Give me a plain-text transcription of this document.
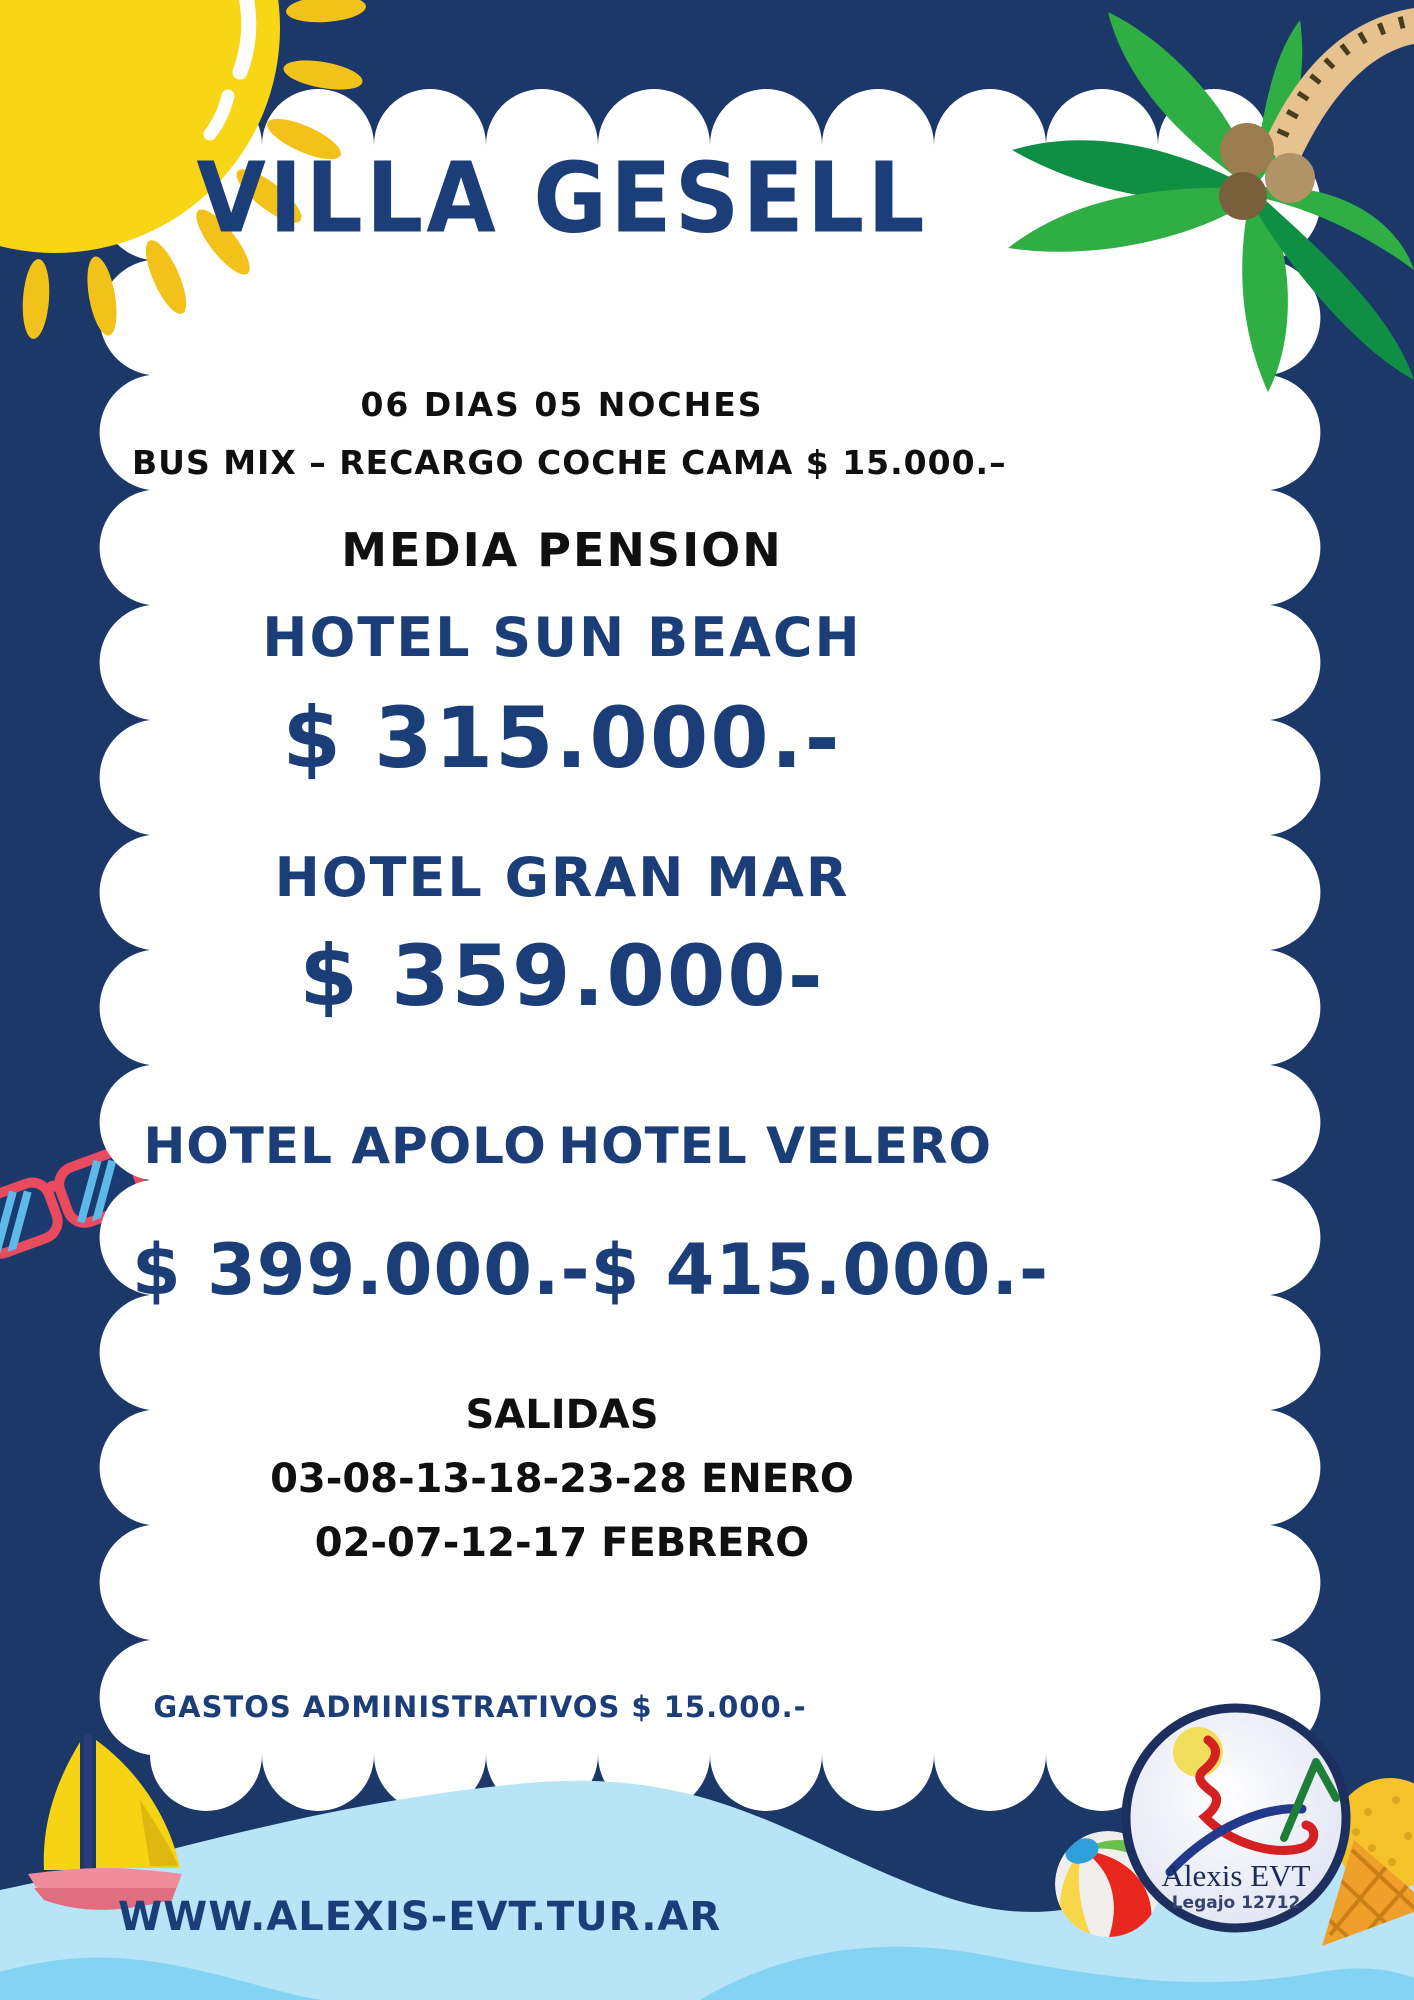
VILLA GESELL
06 DIAS 05 NOCHES
BUS MIX – RECARGO COCHE CAMA $ 15.000.–
MEDIA PENSION
HOTEL SUN BEACH
$ 315.000.-
HOTEL GRAN MAR
$ 359.000-
HOTEL APOLO HOTEL VELERO
$ 399.000.- $ 415.000.-
SALIDAS
03-08-13-18-23-28 ENERO
02-07-12-17 FEBRERO
GASTOS ADMINISTRATIVOS $ 15.000.-
WWW.ALEXIS-EVT.TUR.AR
Alexis EVT
Legajo 12712
